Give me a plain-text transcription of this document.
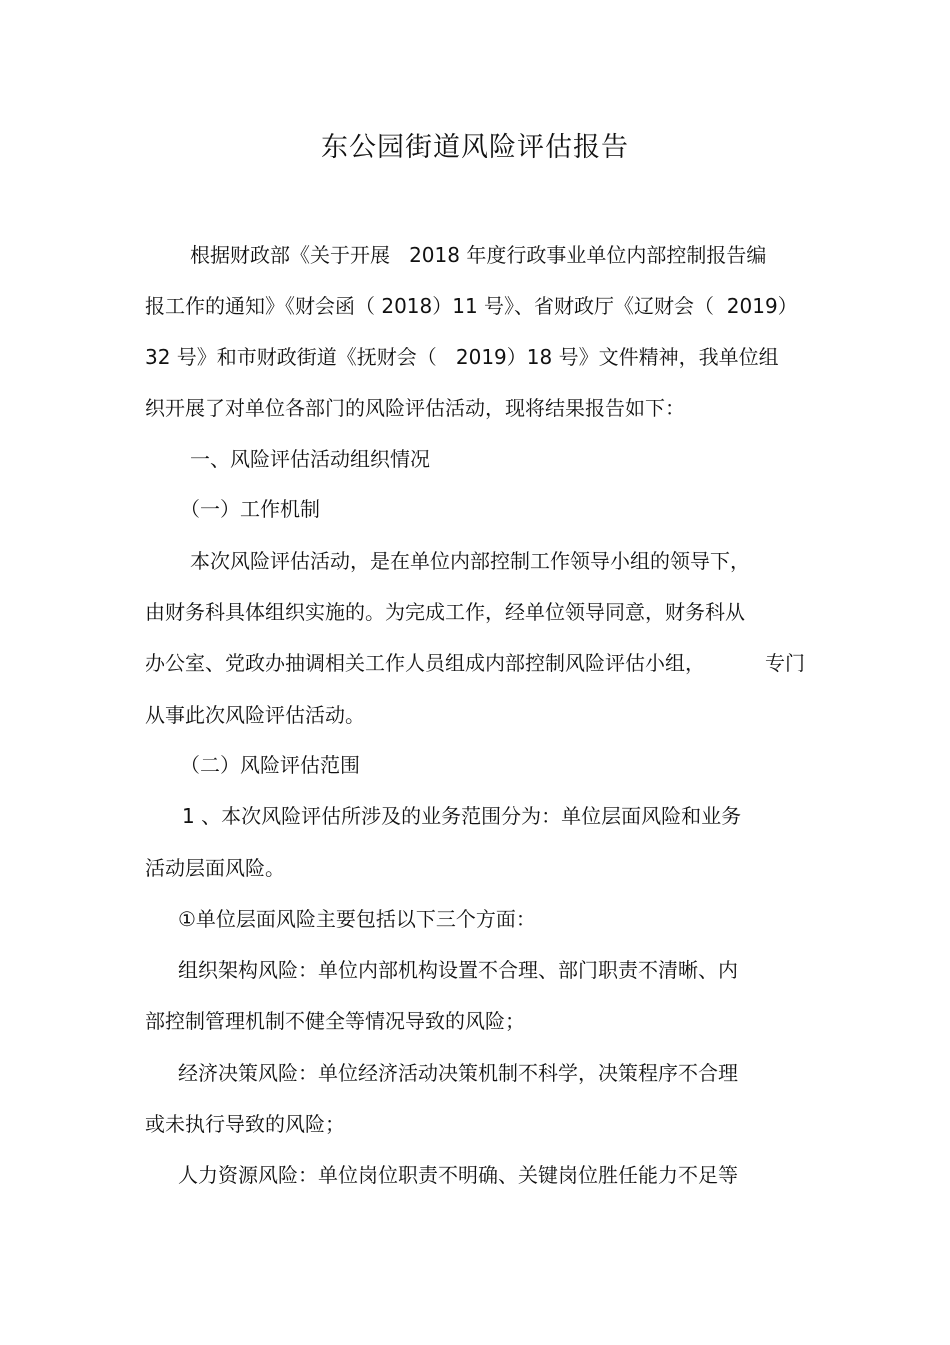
东公园街道风险评估报告
根据财政部《关于开展   2018 年度行政事业单位内部控制报告编
报工作的通知》《财会函（ 2018）11 号》、省财政厅《辽财会（  2019）
32 号》和市财政街道《抚财会（   2019）18 号》文件精神，我单位组
织开展了对单位各部门的风险评估活动，现将结果报告如下：
一、风险评估活动组织情况
（一）工作机制
本次风险评估活动，是在单位内部控制工作领导小组的领导下，
由财务科具体组织实施的。为完成工作，经单位领导同意，财务科从
办公室、党政办抽调相关工作人员组成内部控制风险评估小组，	专门
从事此次风险评估活动。
（二）风险评估范围
1 、本次风险评估所涉及的业务范围分为：单位层面风险和业务
活动层面风险。
①单位层面风险主要包括以下三个方面：
组织架构风险：单位内部机构设置不合理、部门职责不清晰、内
部控制管理机制不健全等情况导致的风险；
经济决策风险：单位经济活动决策机制不科学，决策程序不合理
或未执行导致的风险；
人力资源风险：单位岗位职责不明确、关键岗位胜任能力不足等
